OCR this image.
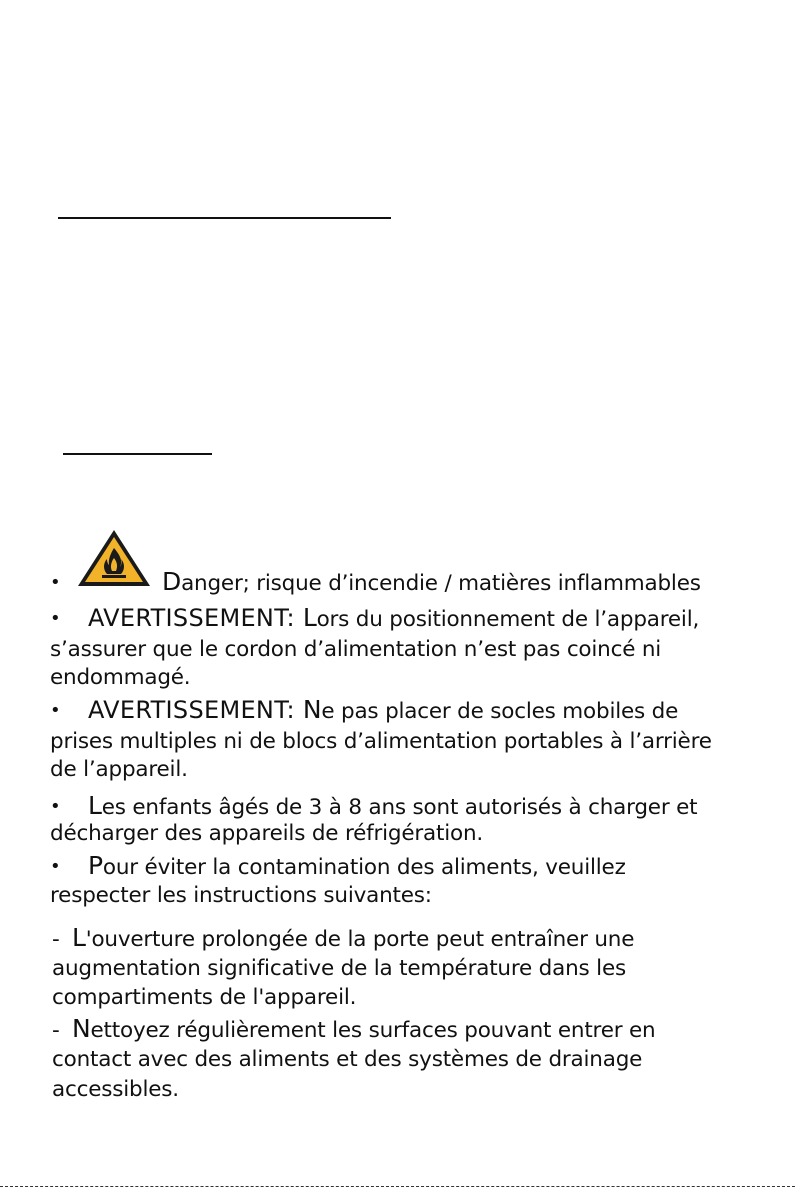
•	Danger; risque d’incendie / matières inflammables
• AVERTISSEMENT: Lors du positionnement de l’appareil,
s’assurer que le cordon d’alimentation n’est pas coincé ni
endommagé.
• AVERTISSEMENT: Ne pas placer de socles mobiles de
prises multiples ni de blocs d’alimentation portables à l’arrière
de l’appareil.
• Les enfants âgés de 3 à 8 ans sont autorisés à charger et
décharger des appareils de réfrigération.
• Pour éviter la contamination des aliments, veuillez
respecter les instructions suivantes:
- L'ouverture prolongée de la porte peut entraîner une
augmentation significative de la température dans les
compartiments de l'appareil.
- Nettoyez régulièrement les surfaces pouvant entrer en
contact avec des aliments et des systèmes de drainage
accessibles.
